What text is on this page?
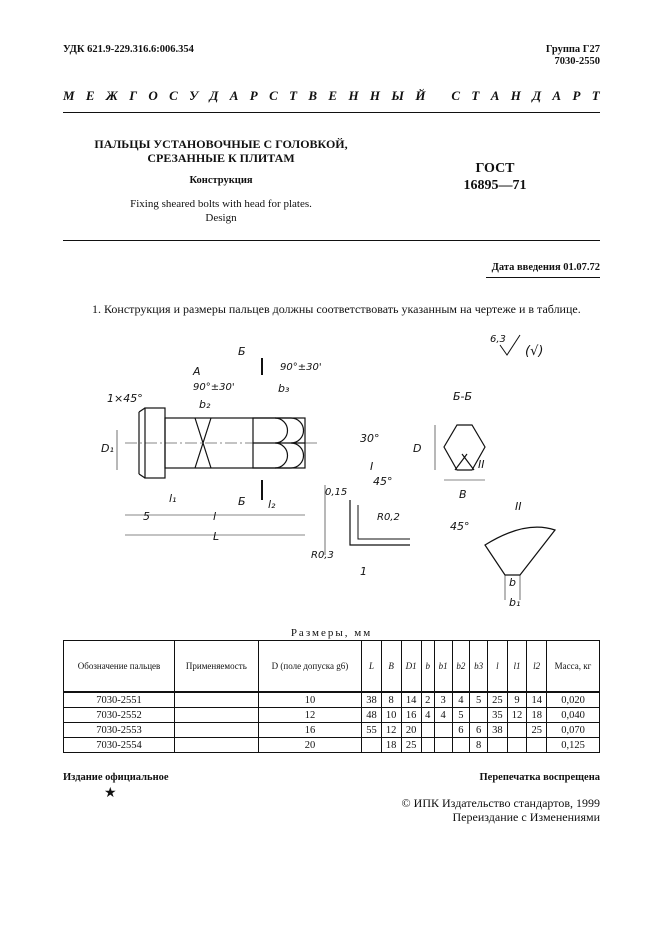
УДК 621.9-229.316.6:006.354	Группа Г27
7030-2550
М Е Ж Г О С У Д А Р С Т В Е Н Н Ы Й
С Т А Н Д А Р Т
ПАЛЬЦЫ УСТАНОВОЧНЫЕ С ГОЛОВКОЙ,
СРЕЗАННЫЕ К ПЛИТАМ
Конструкция
Fixing sheared bolts with head for plates.
Design
ГОСТ
16895—71
Дата введения 01.07.72
1. Конструкция и размеры пальцев должны соответствовать указанным на чертеже и в таблице.
A
Б
Б
1×45°
90°±30'
90°±30'
b₂
b₃
D₁
l₁	l₂
5	l
L
0,15
30°
I
45°
R0,2
R0,3
1
45°
Б-Б
D
B
II
II
b
b₁
6,3
(√)
Размеры, мм
Обозначение пальцев	Применяемость	D (поле допуска g6)	L	B	D1	b	b1	b2	b3	l	l1	l2	Масса, кг
7030-2551		10	38	8	14	2	3	4	5	25	9	14	0,020
7030-2552		12	48	10	16	4	4	5		35	12	18	0,040
7030-2553		16	55	12	20			6	6	38		25	0,070
7030-2554		20		18	25				8				0,125
Издание официальное	Перепечатка воспрещена
★
© ИПК Издательство стандартов, 1999
Переиздание с Изменениями
